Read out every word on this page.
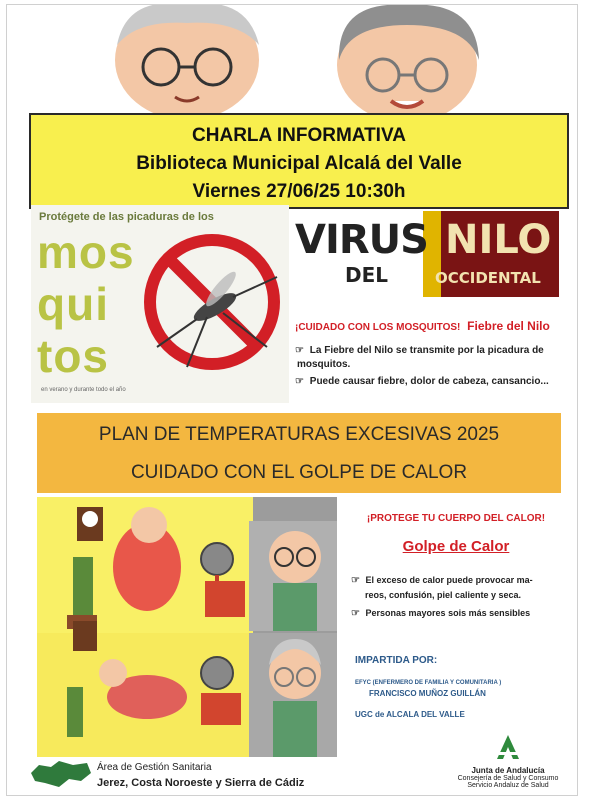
CHARLA INFORMATIVA
Biblioteca Municipal Alcalá del Valle
Viernes 27/06/25 10:30h
Protégete de las picaduras de los
mos
qui
tos
en verano y durante todo el año
VIRUS NILO
DEL	OCCIDENTAL
¡CUIDADO CON LOS MOSQUITOS! Fiebre del Nilo
☞ La Fiebre del Nilo se transmite por la picadura de
mosquitos.
☞ Puede causar fiebre, dolor de cabeza, cansancio...
PLAN DE TEMPERATURAS EXCESIVAS 2025
CUIDADO CON EL GOLPE DE CALOR
¡PROTEGE TU CUERPO DEL CALOR!
Golpe de Calor
☞ El exceso de calor puede provocar ma-
reos, confusión, piel caliente y seca.
☞ Personas mayores sois más sensibles
IMPARTIDA POR:
EFYC (ENFERMERO DE FAMILIA Y COMUNITARIA )
FRANCISCO MUÑOZ GUILLÁN
UGC de ALCALA DEL VALLE
Área de Gestión Sanitaria
Jerez, Costa Noroeste y Sierra de Cádiz
Junta de Andalucía
Consejería de Salud y Consumo
Servicio Andaluz de Salud
